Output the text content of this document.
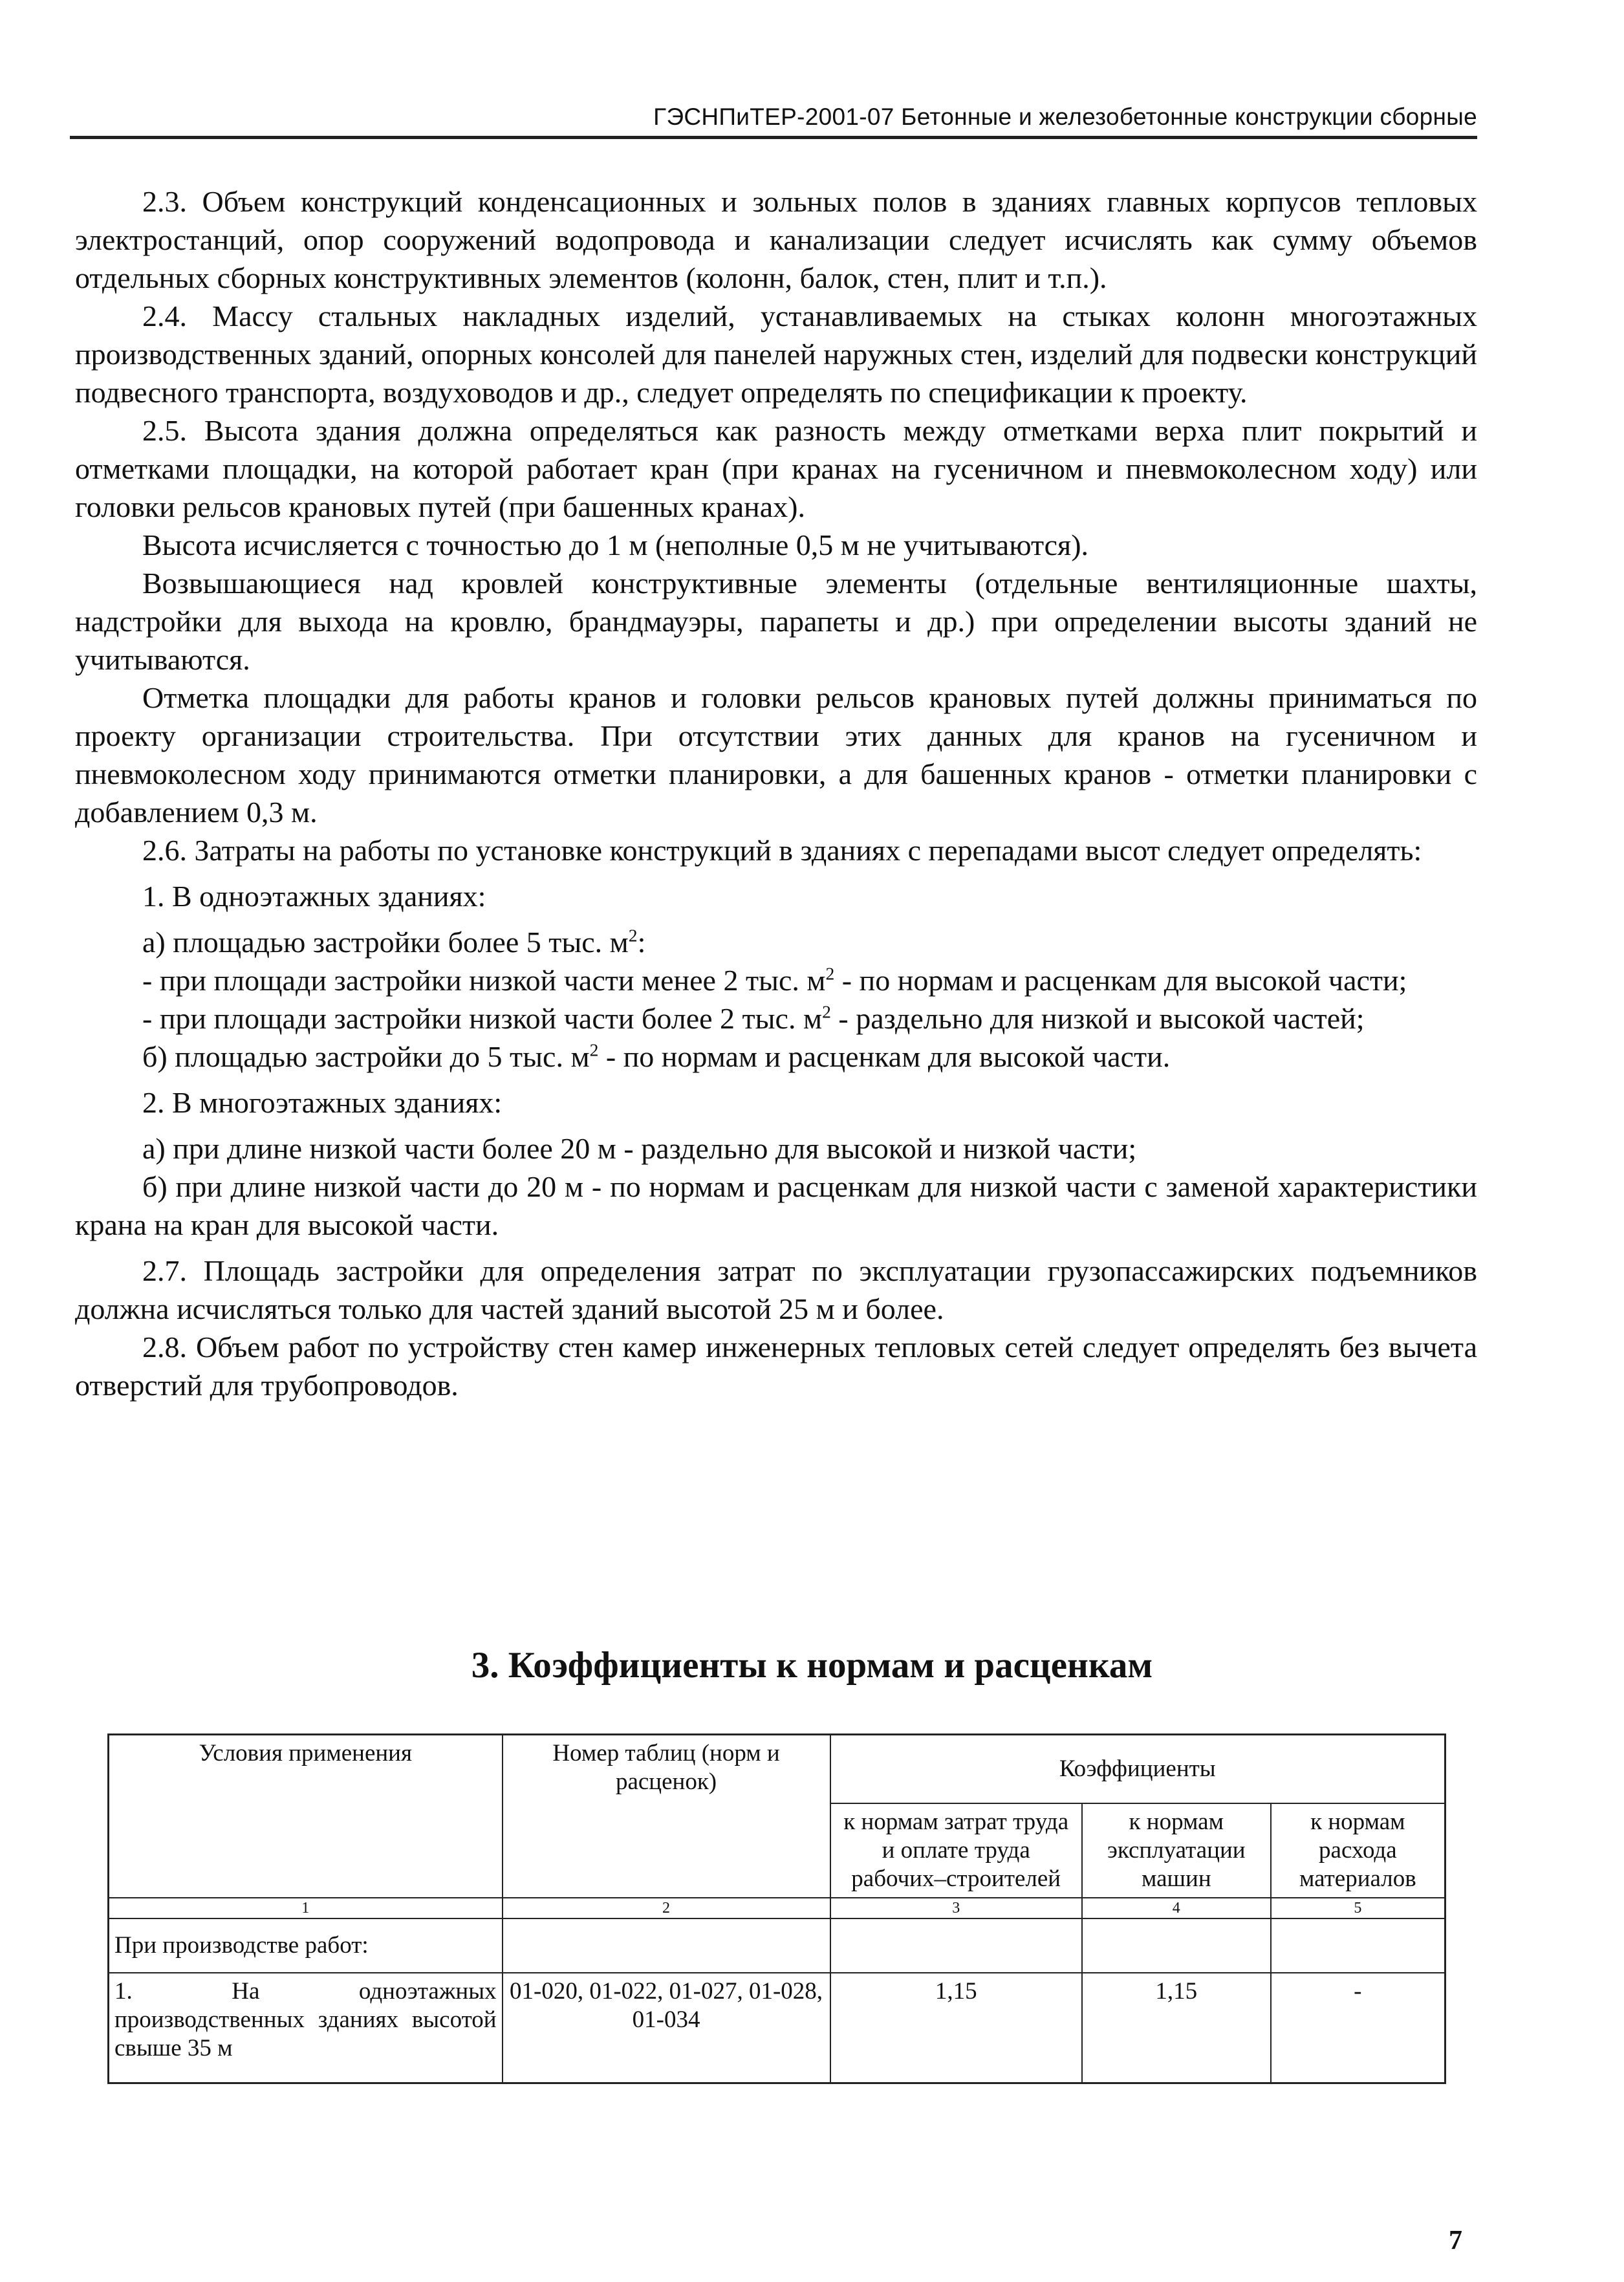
ГЭСНПиТЕР-2001-07 Бетонные и железобетонные конструкции сборные

2.3. Объем конструкций конденсационных и зольных полов в зданиях главных корпусов тепловых электростанций, опор сооружений водопровода и канализации следует исчислять как сумму объемов отдельных сборных конструктивных элементов (колонн, балок, стен, плит и т.п.).

2.4. Массу стальных накладных изделий, устанавливаемых на стыках колонн многоэтажных производственных зданий, опорных консолей для панелей наружных стен, изделий для подвески конструкций подвесного транспорта, воздуховодов и др., следует определять по спецификации к проекту.

2.5. Высота здания должна определяться как разность между отметками верха плит покрытий и отметками площадки, на которой работает кран (при кранах на гусеничном и пневмоколесном ходу) или головки рельсов крановых путей (при башенных кранах).

Высота исчисляется с точностью до 1 м (неполные 0,5 м не учитываются).

Возвышающиеся над кровлей конструктивные элементы (отдельные вентиляционные шахты, надстройки для выхода на кровлю, брандмауэры, парапеты и др.) при определении высоты зданий не учитываются.

Отметка площадки для работы кранов и головки рельсов крановых путей должны приниматься по проекту организации строительства. При отсутствии этих данных для кранов на гусеничном и пневмоколесном ходу принимаются отметки планировки, а для башенных кранов - отметки планировки с добавлением 0,3 м.

2.6. Затраты на работы по установке конструкций в зданиях с перепадами высот следует определять:

1. В одноэтажных зданиях:

а) площадью застройки более 5 тыс. $м^2$:

- при площади застройки низкой части менее 2 тыс. $м^2$ - по нормам и расценкам для высокой части;

- при площади застройки низкой части более 2 тыс. $м^2$ - раздельно для низкой и высокой частей;

б) площадью застройки до 5 тыс. $м^2$ - по нормам и расценкам для высокой части.

2. В многоэтажных зданиях:

а) при длине низкой части более 20 м - раздельно для высокой и низкой части;

б) при длине низкой части до 20 м - по нормам и расценкам для низкой части с заменой характеристики крана на кран для высокой части.

2.7. Площадь застройки для определения затрат по эксплуатации грузопассажирских подъемников должна исчисляться только для частей зданий высотой 25 м и более.

2.8. Объем работ по устройству стен камер инженерных тепловых сетей следует определять без вычета отверстий для трубопроводов.

3. Коэффициенты к нормам и расценкам
Условия применения	Номер таблиц (норм и расценок)	Коэффициенты		
		к нормам затрат труда и оплате труда рабочих–строителей	к нормам эксплуатации машин	к нормам расхода материалов
1	2	3	4	5
При производстве работ:				
1. На одноэтажных производственных зданиях высотой свыше 35 м	01-020, 01-022, 01-027, 01-028, 01-034	1,15	1,15	-
7
